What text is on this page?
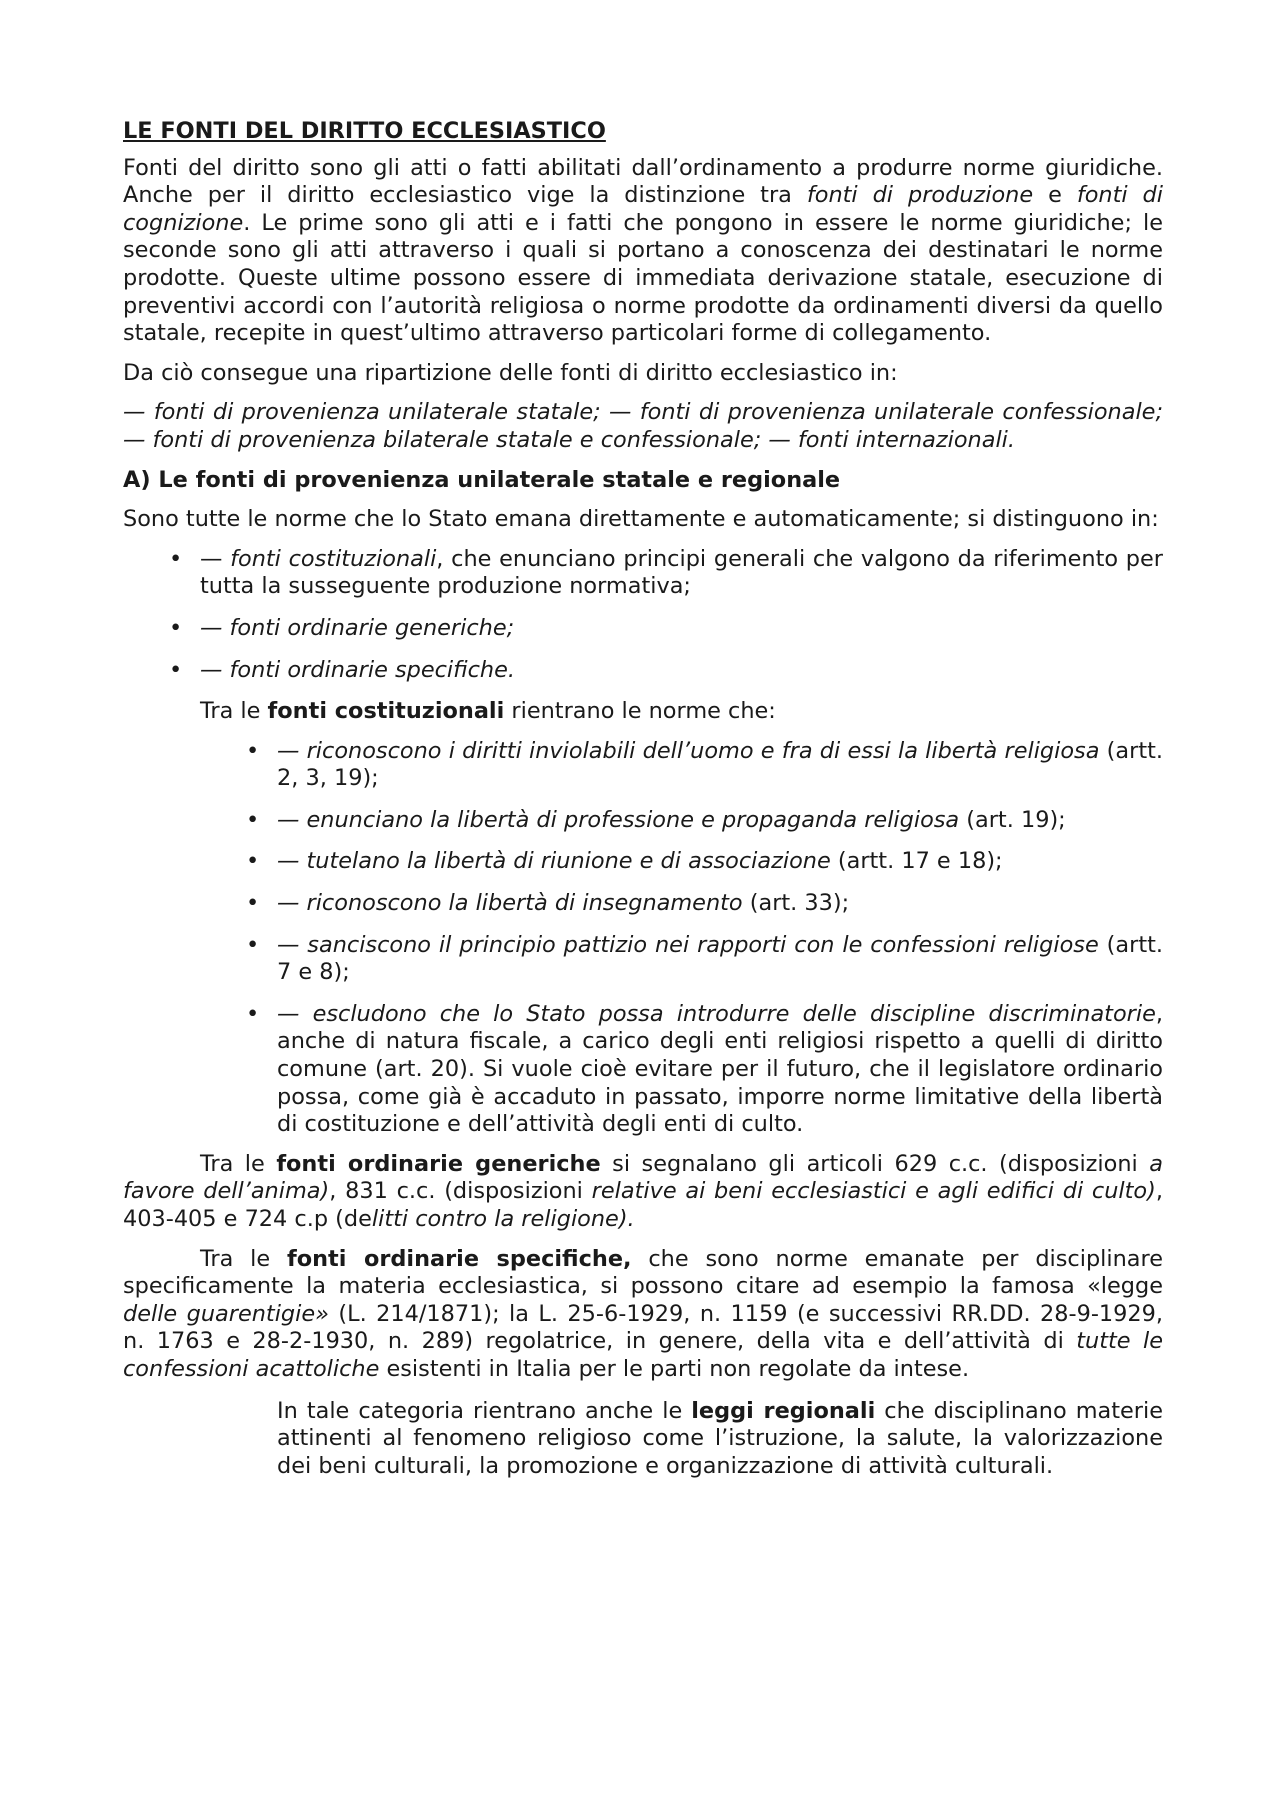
LE FONTI DEL DIRITTO ECCLESIASTICO

Fonti del diritto sono gli atti o fatti abilitati dall’ordinamento a produrre norme giuridiche. Anche per il diritto ecclesiastico vige la distinzione tra fonti di produzione e fonti di cognizione. Le prime sono gli atti e i fatti che pongono in essere le norme giuridiche; le seconde sono gli atti attraverso i quali si portano a conoscenza dei destinatari le norme prodotte. Queste ultime possono essere di immediata derivazione statale, esecuzione di preventivi accordi con l’autorità religiosa o norme prodotte da ordinamenti diversi da quello statale, recepite in quest’ultimo attraverso particolari forme di collegamento.

Da ciò consegue una ripartizione delle fonti di diritto ecclesiastico in:

— fonti di provenienza unilaterale statale; — fonti di provenienza unilaterale confessionale; — fonti di provenienza bilaterale statale e confessionale; — fonti internazionali.

A) Le fonti di provenienza unilaterale statale e regionale

Sono tutte le norme che lo Stato emana direttamente e automaticamente; si distinguono in:

• — fonti costituzionali, che enunciano principi generali che valgono da riferimento per tutta la susseguente produzione normativa;
• — fonti ordinarie generiche;
• — fonti ordinarie specifiche.

Tra le fonti costituzionali rientrano le norme che:

• — riconoscono i diritti inviolabili dell’uomo e fra di essi la libertà religiosa (artt. 2, 3, 19);
• — enunciano la libertà di professione e propaganda religiosa (art. 19);
• — tutelano la libertà di riunione e di associazione (artt. 17 e 18);
• — riconoscono la libertà di insegnamento (art. 33);
• — sanciscono il principio pattizio nei rapporti con le confessioni religiose (artt. 7 e 8);
• — escludono che lo Stato possa introdurre delle discipline discriminatorie, anche di natura fiscale, a carico degli enti religiosi rispetto a quelli di diritto comune (art. 20). Si vuole cioè evitare per il futuro, che il legislatore ordinario possa, come già è accaduto in passato, imporre norme limitative della libertà di costituzione e dell’attività degli enti di culto.

Tra le fonti ordinarie generiche si segnalano gli articoli 629 c.c. (disposizioni a favore dell’anima), 831 c.c. (disposizioni relative ai beni ecclesiastici e agli edifici di culto), 403-405 e 724 c.p (delitti contro la religione).

Tra le fonti ordinarie specifiche, che sono norme emanate per disciplinare specificamente la materia ecclesiastica, si possono citare ad esempio la famosa «legge delle guarentigie» (L. 214/1871); la L. 25-6-1929, n. 1159 (e successivi RR.DD. 28-9-1929, n. 1763 e 28-2-1930, n. 289) regolatrice, in genere, della vita e dell’attività di tutte le confessioni acattoliche esistenti in Italia per le parti non regolate da intese.

In tale categoria rientrano anche le leggi regionali che disciplinano materie attinenti al fenomeno religioso come l’istruzione, la salute, la valorizzazione dei beni culturali, la promozione e organizzazione di attività culturali.
